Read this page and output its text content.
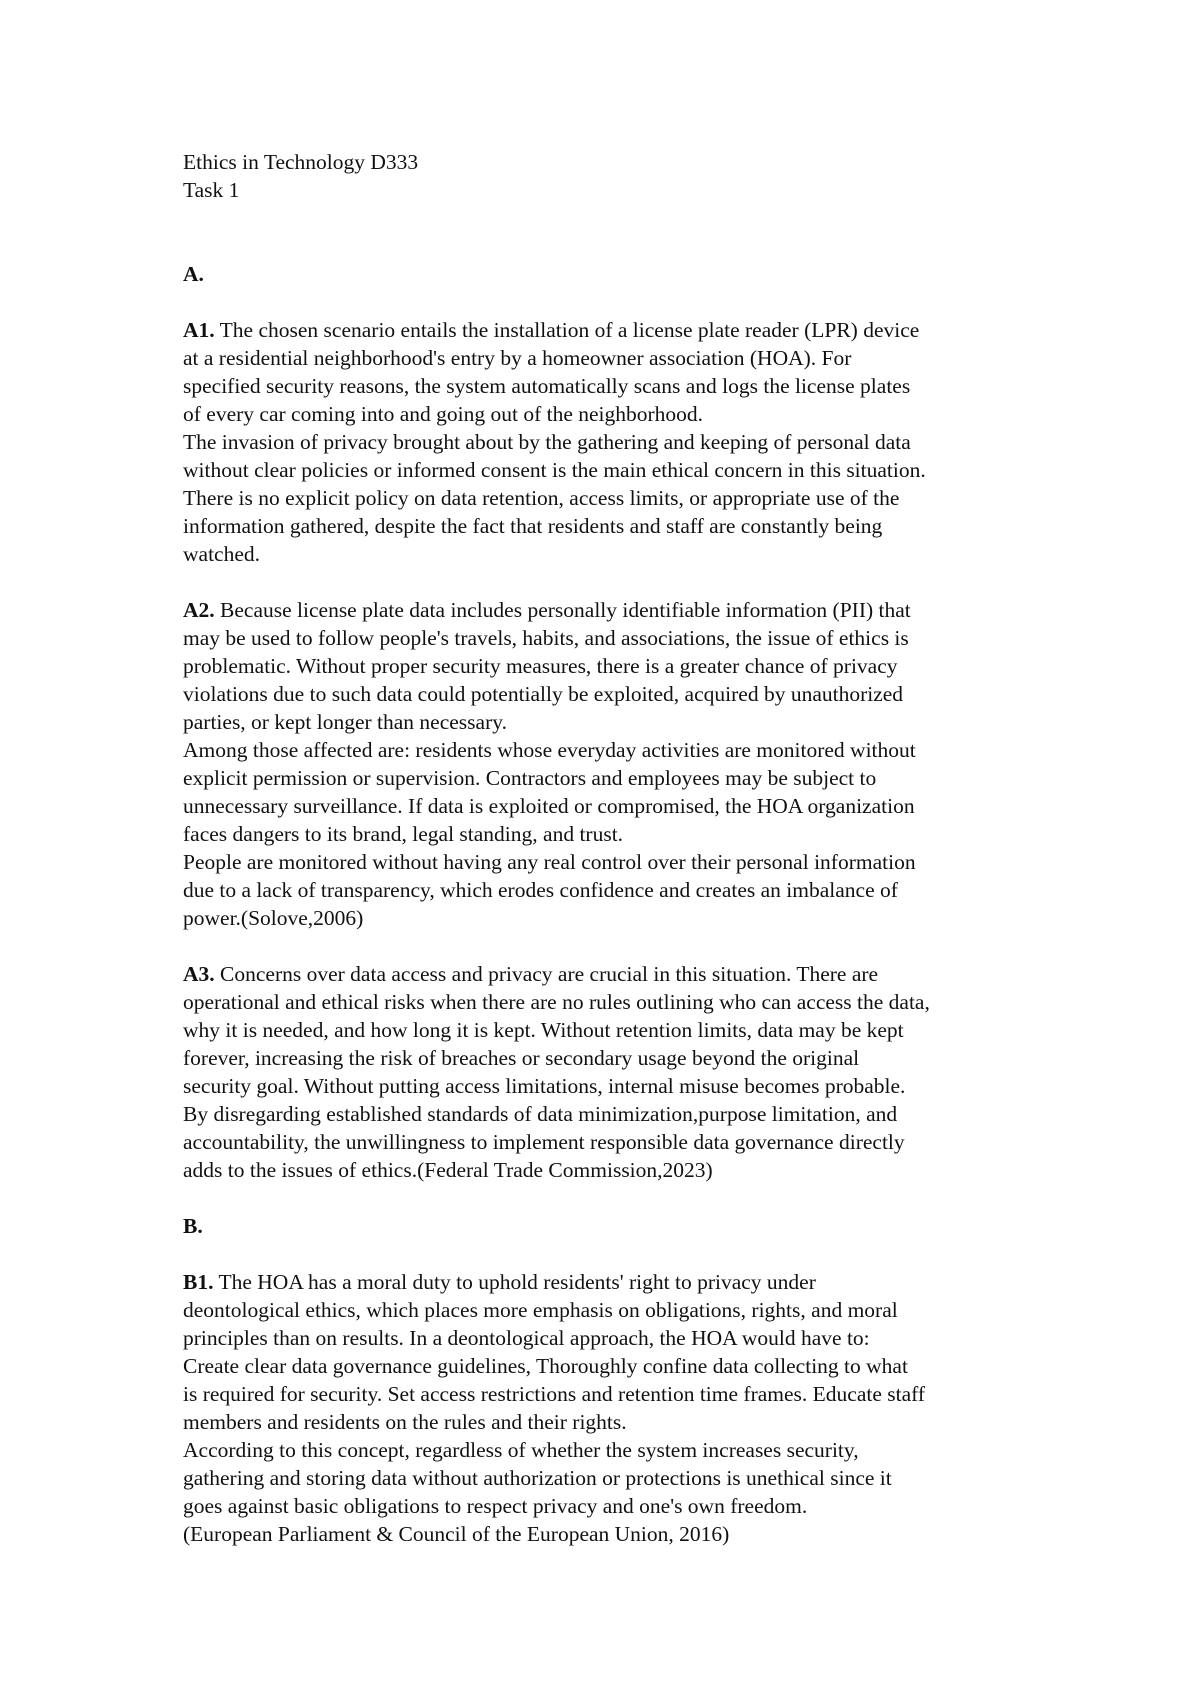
Ethics in Technology D333
Task 1
A.
A1. The chosen scenario entails the installation of a license plate reader (LPR) device
at a residential neighborhood's entry by a homeowner association (HOA). For
specified security reasons, the system automatically scans and logs the license plates
of every car coming into and going out of the neighborhood.
The invasion of privacy brought about by the gathering and keeping of personal data
without clear policies or informed consent is the main ethical concern in this situation.
There is no explicit policy on data retention, access limits, or appropriate use of the
information gathered, despite the fact that residents and staff are constantly being
watched.
A2. Because license plate data includes personally identifiable information (PII) that
may be used to follow people's travels, habits, and associations, the issue of ethics is
problematic. Without proper security measures, there is a greater chance of privacy
violations due to such data could potentially be exploited, acquired by unauthorized
parties, or kept longer than necessary.
Among those affected are: residents whose everyday activities are monitored without
explicit permission or supervision. Contractors and employees may be subject to
unnecessary surveillance. If data is exploited or compromised, the HOA organization
faces dangers to its brand, legal standing, and trust.
People are monitored without having any real control over their personal information
due to a lack of transparency, which erodes confidence and creates an imbalance of
power.(Solove,2006)
A3. Concerns over data access and privacy are crucial in this situation. There are
operational and ethical risks when there are no rules outlining who can access the data,
why it is needed, and how long it is kept. Without retention limits, data may be kept
forever, increasing the risk of breaches or secondary usage beyond the original
security goal. Without putting access limitations, internal misuse becomes probable.
By disregarding established standards of data minimization,purpose limitation, and
accountability, the unwillingness to implement responsible data governance directly
adds to the issues of ethics.(Federal Trade Commission,2023)
B.
B1. The HOA has a moral duty to uphold residents' right to privacy under
deontological ethics, which places more emphasis on obligations, rights, and moral
principles than on results. In a deontological approach, the HOA would have to:
Create clear data governance guidelines, Thoroughly confine data collecting to what
is required for security. Set access restrictions and retention time frames. Educate staff
members and residents on the rules and their rights.
According to this concept, regardless of whether the system increases security,
gathering and storing data without authorization or protections is unethical since it
goes against basic obligations to respect privacy and one's own freedom.
(European Parliament & Council of the European Union, 2016)
